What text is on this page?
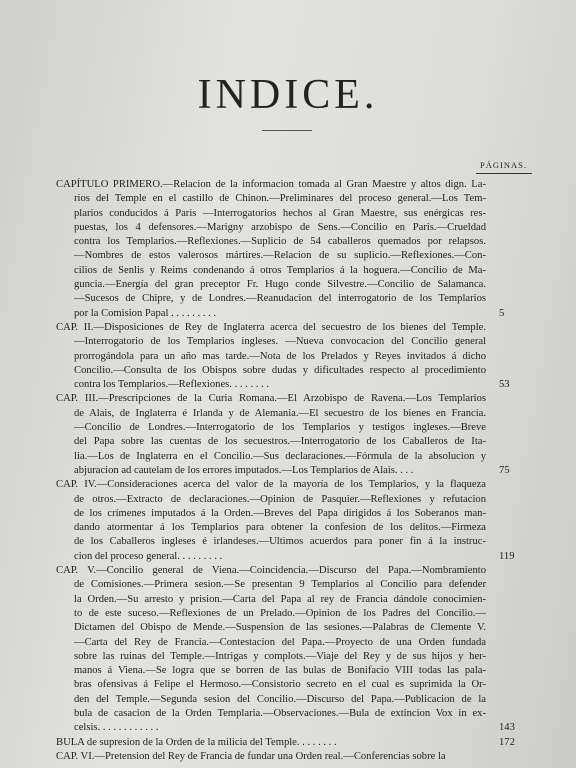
INDICE.
PÁGINAS.
CAPÍTULO PRIMERO.—Relacion de la informacion tomada al Gran Maestre y altos dign. La-
rios del Temple en el castillo de Chinon.—Preliminares del proceso general.—Los Tem-
plarios conducidos á Paris —Interrogatorios hechos al Gran Maestre, sus enérgicas res-
puestas, los 4 defensores.—Marigny arzobispo de Sens.—Concilio en Paris.—Crueldad
contra los Templarios.—Reflexiones.—Suplicio de 54 caballeros quemados por relapsos.
—Nombres de estos valerosos mártires.—Relacion de su suplicio.—Reflexiones.—Con-
cilios de Senlis y Reims condenando á otros Templarios á la hoguera.—Concilio de Ma-
guncia.—Energía del gran preceptor Fr. Hugo conde Silvestre.—Concilio de Salamanca.
—Sucesos de Chipre, y de Londres.—Reanudacion del interrogatorio de los Templarios
por la Comision Papal . . . . . . . . .	5
CAP. II.—Disposiciones de Rey de Inglaterra acerca del secuestro de los bienes del Temple.
—Interrogatorio de los Templarios ingleses. —Nueva convocacion del Concilio general
prorrogándola para un año mas tarde.—Nota de los Prelados y Reyes invitados á dicho
Concilio.—Consulta de los Obispos sobre dudas y dificultades respecto al procedimiento
contra los Templarios.—Reflexiones. . . . . . . .	53
CAP. III.—Prescripciones de la Curia Romana.—El Arzobispo de Ravena.—Los Templarios
de Alais, de Inglaterra é Irlanda y de Alemania.—El secuestro de los bienes en Francia.
—Concilio de Londres.—Interrogatorio de los Templarios y testigos ingleses.—Breve
del Papa sobre las cuentas de los secuestros.—Interrogatorio de los Caballeros de Ita-
lia.—Los de Inglaterra en el Concilio.—Sus declaraciones.—Fórmula de la absolucion y
abjuracion ad cautelam de los errores imputados.—Los Templarios de Alais. . . .	75
CAP. IV.—Consideraciones acerca del valor de la mayoría de los Templarios, y la flaqueza
de otros.—Extracto de declaraciones.—Opinion de Pasquier.—Reflexiones y refutacion
de los crímenes imputados á la Orden.—Breves del Papa dirigidos á los Soberanos man-
dando atormentar á los Templarios para obtener la confesion de los delitos.—Firmeza
de los Caballeros ingleses é irlandeses.—Ultimos acuerdos para poner fin á la instruc-
cion del proceso general. . . . . . . . .	119
CAP. V.—Concilio general de Viena.—Coincidencia.—Discurso del Papa.—Nombramiento
de Comisiones.—Primera sesion.—Se presentan 9 Templarios al Concilio para defender
la Orden.—Su arresto y prision.—Carta del Papa al rey de Francia dándole conocimien-
to de este suceso.—Reflexiones de un Prelado.—Opinion de los Padres del Concilio.—
Dictamen del Obispo de Mende.—Suspension de las sesiones.—Palabras de Clemente V.
—Carta del Rey de Francia.—Contestacion del Papa.—Proyecto de una Orden fundada
sobre las ruinas del Temple.—Intrigas y complots.—Viaje del Rey y de sus hijos y her-
manos á Viena.—Se logra que se borren de las bulas de Bonifacio VIII todas las pala-
bras ofensivas á Felipe el Hermoso.—Consistorio secreto en el cual es suprimida la Or-
den del Temple.—Segunda sesion del Concilio.—Discurso del Papa.—Publicacion de la
bula de casacion de la Orden Templaria.—Observaciones.—Bula de extincion Vox in ex-
celsis. . . . . . . . . . . .	143
BULA de supresion de la Orden de la milicia del Temple. . . . . . . .	172
CAP. VI.—Pretension del Rey de Francia de fundar una Orden real.—Conferencias sobre la
